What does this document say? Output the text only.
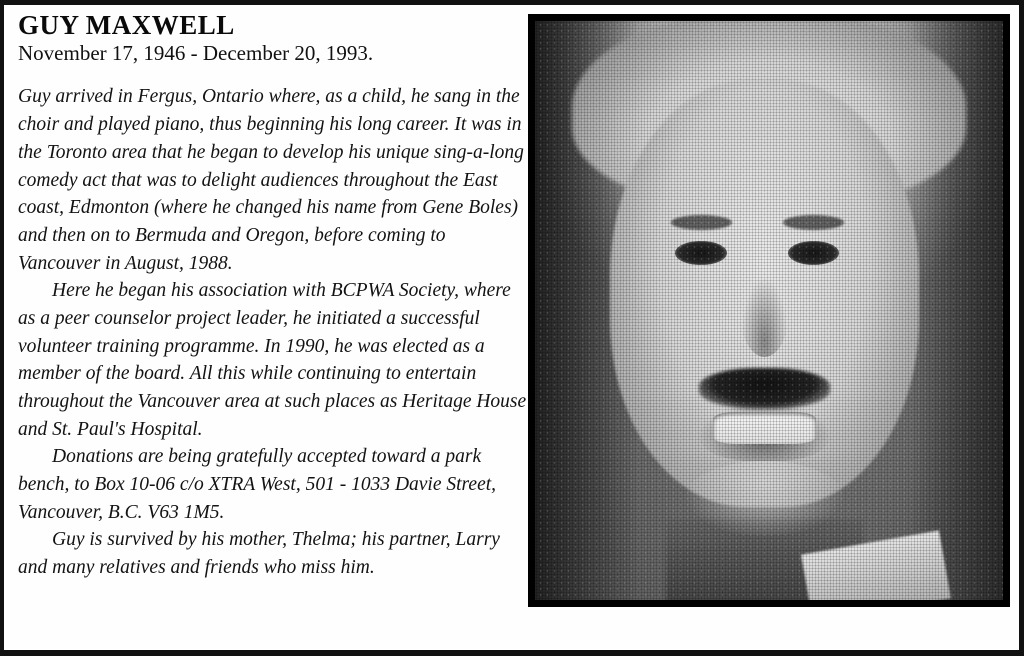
GUY MAXWELL
November 17, 1946 - December 20, 1993.

Guy arrived in Fergus, Ontario where, as a child, he sang in the choir and played piano, thus beginning his long career. It was in the Toronto area that he began to develop his unique sing-a-long comedy act that was to delight audiences throughout the East coast, Edmonton (where he changed his name from Gene Boles) and then on to Bermuda and Oregon, before coming to Vancouver in August, 1988.

Here he began his association with BCPWA Society, where as a peer counselor project leader, he initiated a successful volunteer training programme. In 1990, he was elected as a member of the board. All this while continuing to entertain throughout the Vancouver area at such places as Heritage House and St. Paul's Hospital.

Donations are being gratefully accepted toward a park bench, to Box 10-06 c/o XTRA West, 501 - 1033 Davie Street, Vancouver, B.C. V63 1M5.

Guy is survived by his mother, Thelma; his partner, Larry and many relatives and friends who miss him.
